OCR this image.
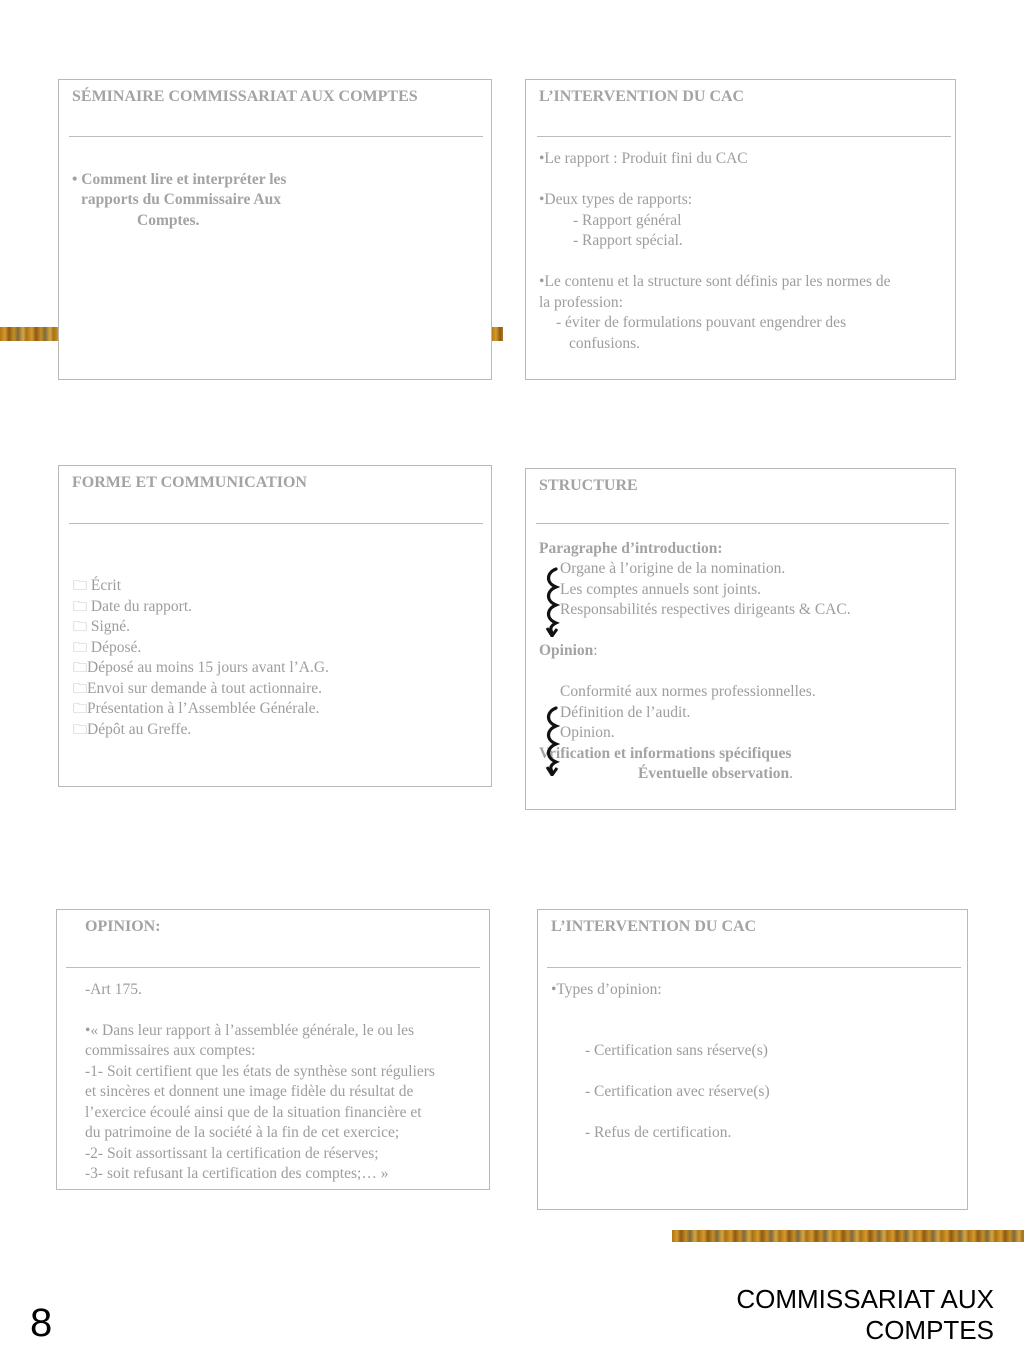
SÉMINAIRE COMMISSARIAT AUX COMPTES
• Comment lire et interpréter les
rapports du Commissaire Aux
Comptes.
L’INTERVENTION DU CAC
•Le rapport : Produit fini du CAC
•Deux types de rapports:
- Rapport général
- Rapport spécial.
•Le contenu et la structure sont définis par les normes de
la profession:
- éviter de formulations pouvant engendrer des
confusions.
FORME ET COMMUNICATION
🗀 Écrit
🗀 Date du rapport.
🗀 Signé.
🗀 Déposé.
🗀Déposé au moins 15 jours avant l’A.G.
🗀Envoi sur demande à tout actionnaire.
🗀Présentation à l’Assemblée Générale.
🗀Dépôt au Greffe.
STRUCTURE
Paragraphe d’introduction:
Organe à l’origine de la nomination.
Les comptes annuels sont joints.
Responsabilités respectives dirigeants & CAC.
Opinion:
Conformité aux normes professionnelles.
Définition de l’audit.
Opinion.
Vrification et informations spécifiques
Éventuelle observation.
OPINION:
-Art 175.
•« Dans leur rapport à l’assemblée générale, le ou les
commissaires aux comptes:
-1- Soit certifient que les états de synthèse sont réguliers
et sincères et donnent une image fidèle du résultat de
l’exercice écoulé ainsi que de la situation financière et
du patrimoine de la société à la fin de cet exercice;
-2- Soit assortissant la certification de réserves;
-3- soit refusant la certification des comptes;… »
L’INTERVENTION DU CAC
•Types d’opinion:
- Certification sans réserve(s)
- Certification avec réserve(s)
- Refus de certification.
8
COMMISSARIAT AUX
COMPTES
